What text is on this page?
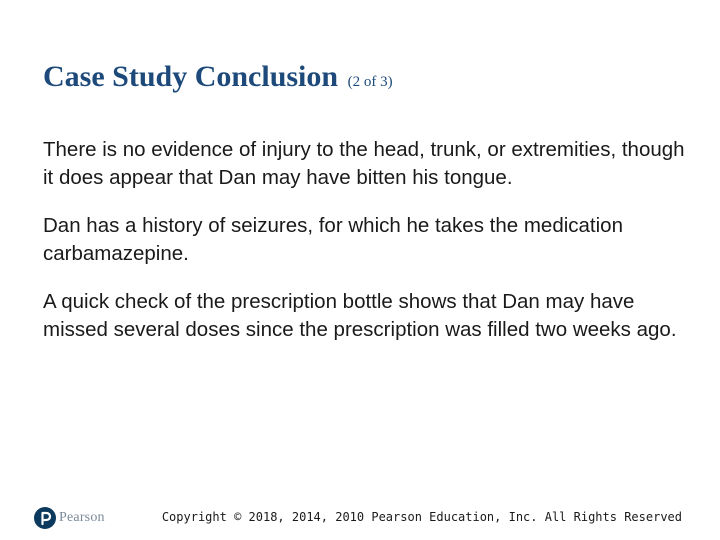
Case Study Conclusion (2 of 3)

There is no evidence of injury to the head, trunk, or extremities, though it does appear that Dan may have bitten his tongue.

Dan has a history of seizures, for which he takes the medication carbamazepine.

A quick check of the prescription bottle shows that Dan may have missed several doses since the prescription was filled two weeks ago.

Pearson	Copyright © 2018, 2014, 2010 Pearson Education, Inc. All Rights Reserved
